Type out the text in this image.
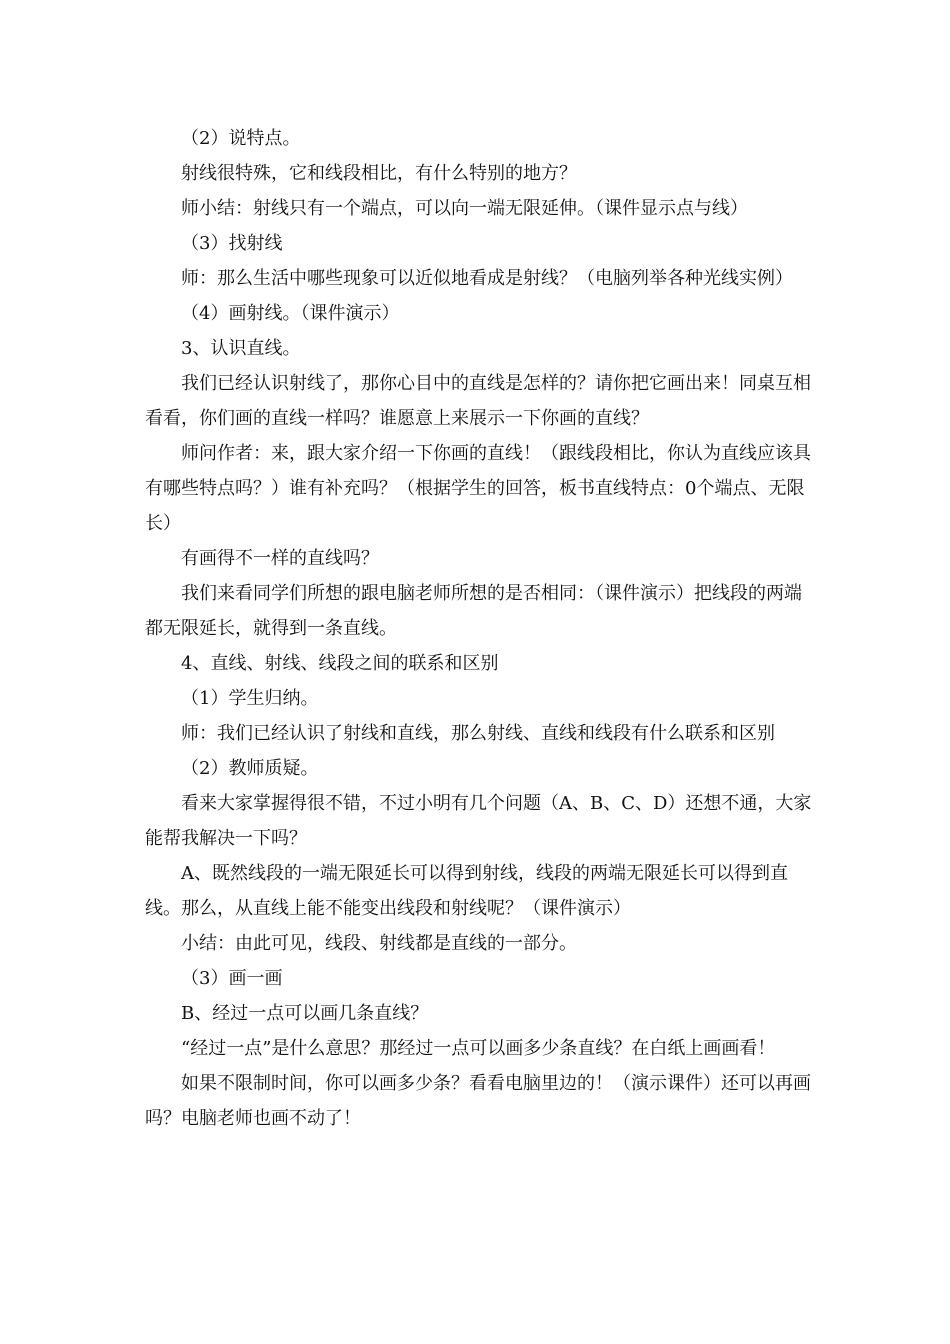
（2）说特点。

射线很特殊，它和线段相比，有什么特别的地方？

师小结：射线只有一个端点，可以向一端无限延伸。（课件显示点与线）

（3）找射线

师：那么生活中哪些现象可以近似地看成是射线？（电脑列举各种光线实例）

（4）画射线。（课件演示）

3、认识直线。

我们已经认识射线了，那你心目中的直线是怎样的？请你把它画出来！同桌互相看看，你们画的直线一样吗？谁愿意上来展示一下你画的直线？

师问作者：来，跟大家介绍一下你画的直线！（跟线段相比，你认为直线应该具有哪些特点吗？）谁有补充吗？（根据学生的回答，板书直线特点：0个端点、无限长）

有画得不一样的直线吗？

我们来看同学们所想的跟电脑老师所想的是否相同：（课件演示）把线段的两端都无限延长，就得到一条直线。

4、直线、射线、线段之间的联系和区别

（1）学生归纳。

师：我们已经认识了射线和直线，那么射线、直线和线段有什么联系和区别

（2）教师质疑。

看来大家掌握得很不错，不过小明有几个问题（A、B、C、D）还想不通，大家能帮我解决一下吗？

A、既然线段的一端无限延长可以得到射线，线段的两端无限延长可以得到直线。那么，从直线上能不能变出线段和射线呢？（课件演示）

小结：由此可见，线段、射线都是直线的一部分。

（3）画一画

B、经过一点可以画几条直线？

“经过一点”是什么意思？那经过一点可以画多少条直线？在白纸上画画看！

如果不限制时间，你可以画多少条？看看电脑里边的！（演示课件）还可以再画吗？电脑老师也画不动了！
